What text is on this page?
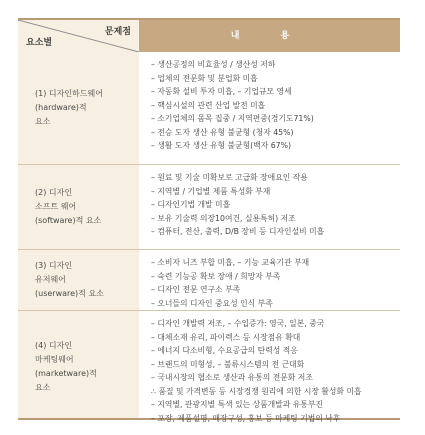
문제점
요소별
내 용
(1) 디자인하드웨어
(hardware)적
요소
– 생산공정의 비효율성 / 생산성 저하
– 업체의 전문화 및 분업화 미흡
– 자동화 설비 투자 미흡, – 기업규모 영세
– 핵심시설의 관련 산업 발전 미흡
– 소기업체의 몸목 집중 / 지역편중(경기도71%)
– 전승 도자 생산 유형 불균형 (청자 45%)
– 생활 도자 생산 유형 불균형(백자 67%)
(2) 디자인
소프트 웨어
(software)적 요소
– 원료 및 기술 미확보로 고급화 장애요인 작용
– 지역별 / 기업별 제품 특성화 부재
– 디자인기법 개발 미흡
– 보유 기술력 의장10여건, 실용특허) 저조
– 컴퓨터, 전산, 출력, D/B 장비 등 디자인설비 미흡
(3) 디자인
유저웨어
(userware)적 요소
– 소비자 니즈 부합 미흡, – 기능 교육기관 부재
– 숙련 기능공 확보 장애 / 희망자 부족
– 디자인 전문 연구소 부족
– 오너들의 디자인 중요성 인식 부족
(4) 디자인
마케팅웨어
(marketware)적
요소
– 디자인 개발력 저조, – 수입증가: 영국, 일본, 중국
– 대체소재 유리, 파이렉스 등 시장점유 확대
– 에너지 다소비형, 수요공급의 탄력성 적응
– 브랜드의 미형성, – 불류시스템의 전 근대화
– 국내시장의 협소로 생산과 유통의 전문화 저조
∴ 품질 및 가격변동 등 시장경쟁 원리에 의한 시장 활성화 미흡
– 지역별, 관광지별 특색 있는 상품개발과 유통부진
– 포장, 제품설명, 매장구성, 홍보 등 마케팅 기법의 낙후
